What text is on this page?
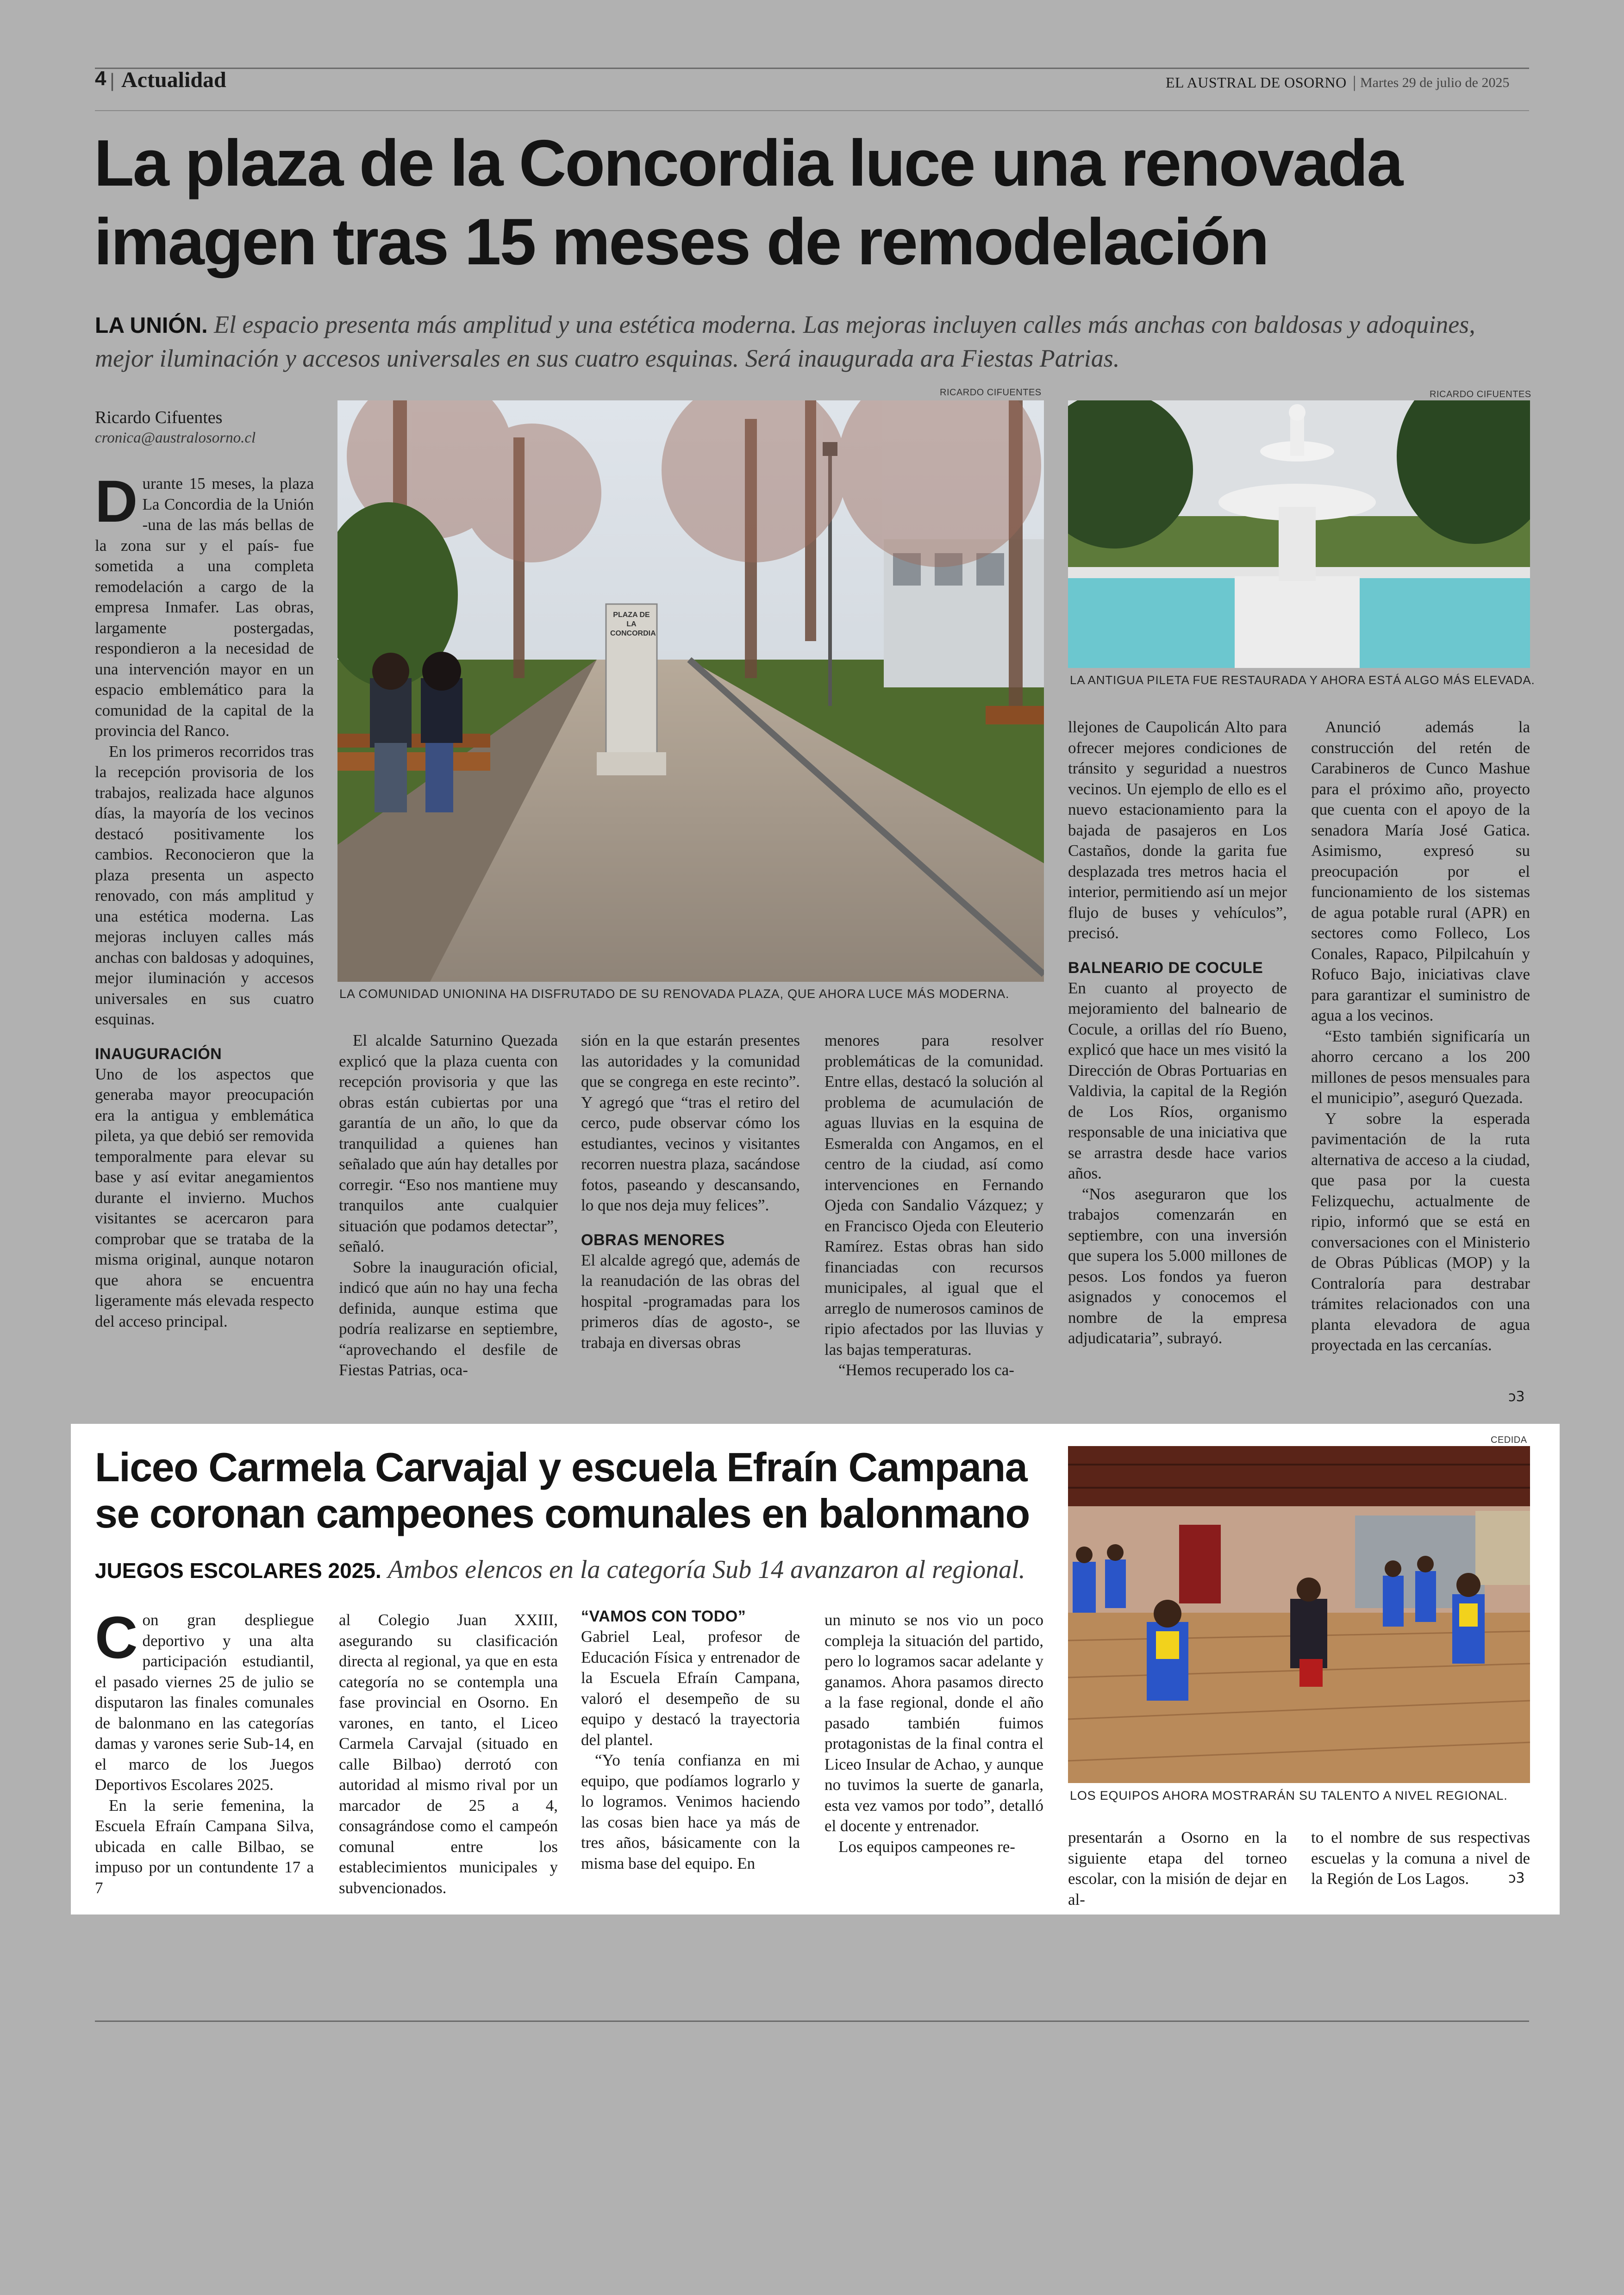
4 | Actualidad	EL AUSTRAL DE OSORNO | Martes 29 de julio de 2025
La plaza de la Concordia luce una renovada
imagen tras 15 meses de remodelación
LA UNIÓN. El espacio presenta más amplitud y una estética moderna. Las mejoras incluyen calles más anchas con baldosas y adoquines, mejor iluminación y accesos universales en sus cuatro esquinas. Será inaugurada ara Fiestas Patrias.
Ricardo Cifuentes
cronica@australosorno.cl
RICARDO CIFUENTES
PLAZA DE LA CONCORDIA
LA COMUNIDAD UNIONINA HA DISFRUTADO DE SU RENOVADA PLAZA, QUE AHORA LUCE MÁS MODERNA.
RICARDO CIFUENTES
LA ANTIGUA PILETA FUE RESTAURADA Y AHORA ESTÁ ALGO MÁS ELEVADA.

Durante 15 meses, la plaza La Concordia de la Unión -una de las más bellas de la zona sur y el país- fue sometida a una completa remodelación a cargo de la empresa Inmafer. Las obras, largamente postergadas, respondieron a la necesidad de una intervención mayor en un espacio emblemático para la comunidad de la capital de la provincia del Ranco.

En los primeros recorridos tras la recepción provisoria de los trabajos, realizada hace algunos días, la mayoría de los vecinos destacó positivamente los cambios. Reconocieron que la plaza presenta un aspecto renovado, con más amplitud y una estética moderna. Las mejoras incluyen calles más anchas con baldosas y adoquines, mejor iluminación y accesos universales en sus cuatro esquinas.

INAUGURACIÓN

Uno de los aspectos que generaba mayor preocupación era la antigua y emblemática pileta, ya que debió ser removida temporalmente para elevar su base y así evitar anegamientos durante el invierno. Muchos visitantes se acercaron para comprobar que se trataba de la misma original, aunque notaron que ahora se encuentra ligeramente más elevada respecto del acceso principal.

El alcalde Saturnino Quezada explicó que la plaza cuenta con recepción provisoria y que las obras están cubiertas por una garantía de un año, lo que da tranquilidad a quienes han señalado que aún hay detalles por corregir. “Eso nos mantiene muy tranquilos ante cualquier situación que podamos detectar”, señaló.

Sobre la inauguración oficial, indicó que aún no hay una fecha definida, aunque estima que podría realizarse en septiembre, “aprovechando el desfile de Fiestas Patrias, oca-

sión en la que estarán presentes las autoridades y la comunidad que se congrega en este recinto”. Y agregó que “tras el retiro del cerco, pude observar cómo los estudiantes, vecinos y visitantes recorren nuestra plaza, sacándose fotos, paseando y descansando, lo que nos deja muy felices”.

OBRAS MENORES

El alcalde agregó que, además de la reanudación de las obras del hospital -programadas para los primeros días de agosto-, se trabaja en diversas obras

menores para resolver problemáticas de la comunidad. Entre ellas, destacó la solución al problema de acumulación de aguas lluvias en la esquina de Esmeralda con Angamos, en el centro de la ciudad, así como intervenciones en Fernando Ojeda con Sandalio Vázquez; y en Francisco Ojeda con Eleuterio Ramírez. Estas obras han sido financiadas con recursos municipales, al igual que el arreglo de numerosos caminos de ripio afectados por las lluvias y las bajas temperaturas.

“Hemos recuperado los ca-

llejones de Caupolicán Alto para ofrecer mejores condiciones de tránsito y seguridad a nuestros vecinos. Un ejemplo de ello es el nuevo estacionamiento para la bajada de pasajeros en Los Castaños, donde la garita fue desplazada tres metros hacia el interior, permitiendo así un mejor flujo de buses y vehículos”, precisó.

BALNEARIO DE COCULE

En cuanto al proyecto de mejoramiento del balneario de Cocule, a orillas del río Bueno, explicó que hace un mes visitó la Dirección de Obras Portuarias en Valdivia, la capital de la Región de Los Ríos, organismo responsable de una iniciativa que se arrastra desde hace varios años.

“Nos aseguraron que los trabajos comenzarán en septiembre, con una inversión que supera los 5.000 millones de pesos. Los fondos ya fueron asignados y conocemos el nombre de la empresa adjudicataria”, subrayó.

Anunció además la construcción del retén de Carabineros de Cunco Mashue para el próximo año, proyecto que cuenta con el apoyo de la senadora María José Gatica. Asimismo, expresó su preocupación por el funcionamiento de los sistemas de agua potable rural (APR) en sectores como Folleco, Los Conales, Rapaco, Pilpilcahuín y Rofuco Bajo, iniciativas clave para garantizar el suministro de agua a los vecinos.

“Esto también significaría un ahorro cercano a los 200 millones de pesos mensuales para el municipio”, aseguró Quezada.

Y sobre la esperada pavimentación de la ruta alternativa de acceso a la ciudad, que pasa por la cuesta Felizquechu, actualmente de ripio, informó que se está en conversaciones con el Ministerio de Obras Públicas (MOP) y la Contraloría para destrabar trámites relacionados con una planta elevadora de agua proyectada en las cercanías.

ↄ3
Liceo Carmela Carvajal y escuela Efraín Campana
se coronan campeones comunales en balonmano
JUEGOS ESCOLARES 2025. Ambos elencos en la categoría Sub 14 avanzaron al regional.
CEDIDA
LOS EQUIPOS AHORA MOSTRARÁN SU TALENTO A NIVEL REGIONAL.

Con gran despliegue deportivo y una alta participación estudiantil, el pasado viernes 25 de julio se disputaron las finales comunales de balonmano en las categorías damas y varones serie Sub-14, en el marco de los Juegos Deportivos Escolares 2025.

En la serie femenina, la Escuela Efraín Campana Silva, ubicada en calle Bilbao, se impuso por un contundente 17 a 7

al Colegio Juan XXIII, asegurando su clasificación directa al regional, ya que en esta categoría no se contempla una fase provincial en Osorno. En varones, en tanto, el Liceo Carmela Carvajal (situado en calle Bilbao) derrotó con autoridad al mismo rival por un marcador de 25 a 4, consagrándose como el campeón comunal entre los establecimientos municipales y subvencionados.

“VAMOS CON TODO”

Gabriel Leal, profesor de Educación Física y entrenador de la Escuela Efraín Campana, valoró el desempeño de su equipo y destacó la trayectoria del plantel.

“Yo tenía confianza en mi equipo, que podíamos lograrlo y lo logramos. Venimos haciendo las cosas bien hace ya más de tres años, básicamente con la misma base del equipo. En

un minuto se nos vio un poco compleja la situación del partido, pero lo logramos sacar adelante y ganamos. Ahora pasamos directo a la fase regional, donde el año pasado también fuimos protagonistas de la final contra el Liceo Insular de Achao, y aunque no tuvimos la suerte de ganarla, esta vez vamos por todo”, detalló el docente y entrenador.

Los equipos campeones re-	presentarán a Osorno en la siguiente etapa del torneo escolar, con la misión de dejar en al-

to el nombre de sus respectivas escuelas y la comuna a nivel de la Región de Los Lagos.	ↄ3
